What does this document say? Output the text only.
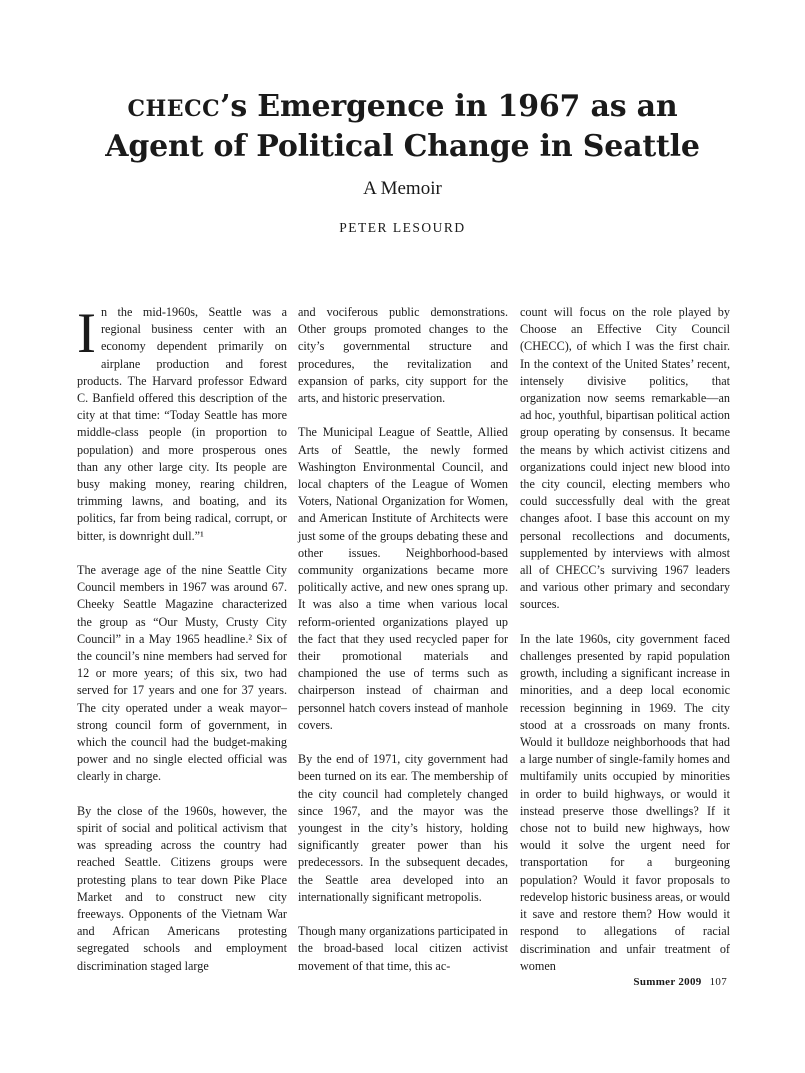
CHECC’s Emergence in 1967 as an
Agent of Political Change in Seattle
A Memoir
PETER LESOURD

In the mid-1960s, Seattle was a regional business center with an economy dependent primarily on airplane production and forest products. The Harvard professor Edward C. Banfield offered this description of the city at that time: “Today Seattle has more middle-class people (in proportion to population) and more prosperous ones than any other large city. Its people are busy making money, rearing children, trimming lawns, and boating, and its politics, far from being radical, corrupt, or bitter, is downright dull.”¹

The average age of the nine Seattle City Council members in 1967 was around 67. Cheeky Seattle Magazine characterized the group as “Our Musty, Crusty City Council” in a May 1965 headline.² Six of the council’s nine members had served for 12 or more years; of this six, two had served for 17 years and one for 37 years. The city operated under a weak mayor–strong council form of government, in which the council had the budget-making power and no single elected official was clearly in charge.

By the close of the 1960s, however, the spirit of social and political activism that was spreading across the country had reached Seattle. Citizens groups were protesting plans to tear down Pike Place Market and to construct new city freeways. Opponents of the Vietnam War and African Americans protesting segregated schools and employment discrimination staged large

and vociferous public demonstrations. Other groups promoted changes to the city’s governmental structure and procedures, the revitalization and expansion of parks, city support for the arts, and historic preservation.

The Municipal League of Seattle, Allied Arts of Seattle, the newly formed Washington Environmental Council, and local chapters of the League of Women Voters, National Organization for Women, and American Institute of Architects were just some of the groups debating these and other issues. Neighborhood-based community organizations became more politically active, and new ones sprang up. It was also a time when various local reform-oriented organizations played up the fact that they used recycled paper for their promotional materials and championed the use of terms such as chairperson instead of chairman and personnel hatch covers instead of manhole covers.

By the end of 1971, city government had been turned on its ear. The membership of the city council had completely changed since 1967, and the mayor was the youngest in the city’s history, holding significantly greater power than his predecessors. In the subsequent decades, the Seattle area developed into an internationally significant metropolis.

Though many organizations participated in the broad-based local citizen activist movement of that time, this ac-

count will focus on the role played by Choose an Effective City Council (CHECC), of which I was the first chair. In the context of the United States’ recent, intensely divisive politics, that organization now seems remarkable—an ad hoc, youthful, bipartisan political action group operating by consensus. It became the means by which activist citizens and organizations could inject new blood into the city council, electing members who could successfully deal with the great changes afoot. I base this account on my personal recollections and documents, supplemented by interviews with almost all of CHECC’s surviving 1967 leaders and various other primary and secondary sources.

In the late 1960s, city government faced challenges presented by rapid population growth, including a significant increase in minorities, and a deep local economic recession beginning in 1969. The city stood at a crossroads on many fronts. Would it bulldoze neighborhoods that had a large number of single-family homes and multifamily units occupied by minorities in order to build highways, or would it instead preserve those dwellings? If it chose not to build new highways, how would it solve the urgent need for transportation for a burgeoning population? Would it favor proposals to redevelop historic business areas, or would it save and restore them? How would it respond to allegations of racial discrimination and unfair treatment of women

Summer 2009 107
